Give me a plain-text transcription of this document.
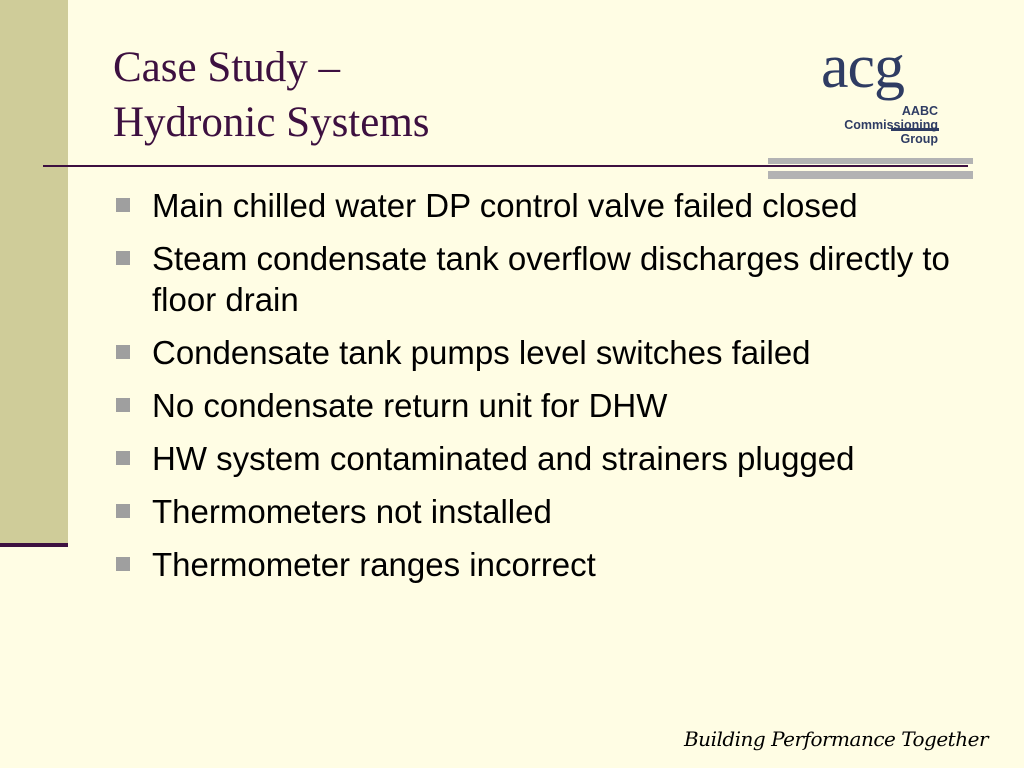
Case Study –
Hydronic Systems
acg
AABC
Commissioning
Group
Main chilled water DP control valve failed closed
Steam condensate tank overflow discharges directly to floor drain
Condensate tank pumps level switches failed
No condensate return unit for DHW
HW system contaminated and strainers plugged
Thermometers not installed
Thermometer ranges incorrect
Building Performance Together
